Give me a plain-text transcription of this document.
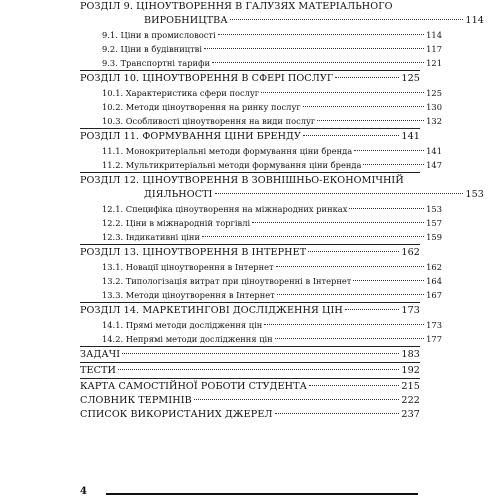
РОЗДІЛ 9. ЦІНОУТВОРЕННЯ В ГАЛУЗЯХ МАТЕРІАЛЬНОГО
ВИРОБНИЦТВА	114
9.1. Ціни в промисловості	114
9.2. Ціни в будівництві	117
9.3. Транспортні тарифи	121
РОЗДІЛ 10. ЦІНОУТВОРЕННЯ В СФЕРІ ПОСЛУГ	125
10.1. Характеристика сфери послуг	125
10.2. Методи ціноутворення на ринку послуг	130
10.3. Особливості ціноутворення на види послуг	132
РОЗДІЛ 11. ФОРМУВАННЯ ЦІНИ БРЕНДУ	141
11.1. Монокритеріальні методи формування ціни бренда	141
11.2. Мультикритеріальні методи формування ціни бренда	147
РОЗДІЛ 12. ЦІНОУТВОРЕННЯ В ЗОВНІШНЬО-ЕКОНОМІЧНІЙ
ДІЯЛЬНОСТІ	153
12.1. Специфіка ціноутворення на міжнародних ринках	153
12.2. Ціни в міжнародній торгівлі	157
12.3. Індикативні ціни	159
РОЗДІЛ 13. ЦІНОУТВОРЕННЯ В ІНТЕРНЕТ	162
13.1. Новації ціноутворення в Інтернет	162
13.2. Типологізація витрат при ціноутворенні в Інтернет	164
13.3. Методи ціноутворення в Інтернет	167
РОЗДІЛ 14. МАРКЕТИНГОВІ ДОСЛІДЖЕННЯ ЦІН	173
14.1. Прямі методи дослідження цін	173
14.2. Непрямі методи дослідження цін	177
ЗАДАЧІ	183
ТЕСТИ	192
КАРТА САМОСТІЙНОЇ РОБОТИ СТУДЕНТА	215
СЛОВНИК ТЕРМІНІВ	222
СПИСОК ВИКОРИСТАНИХ ДЖЕРЕЛ	237
4
